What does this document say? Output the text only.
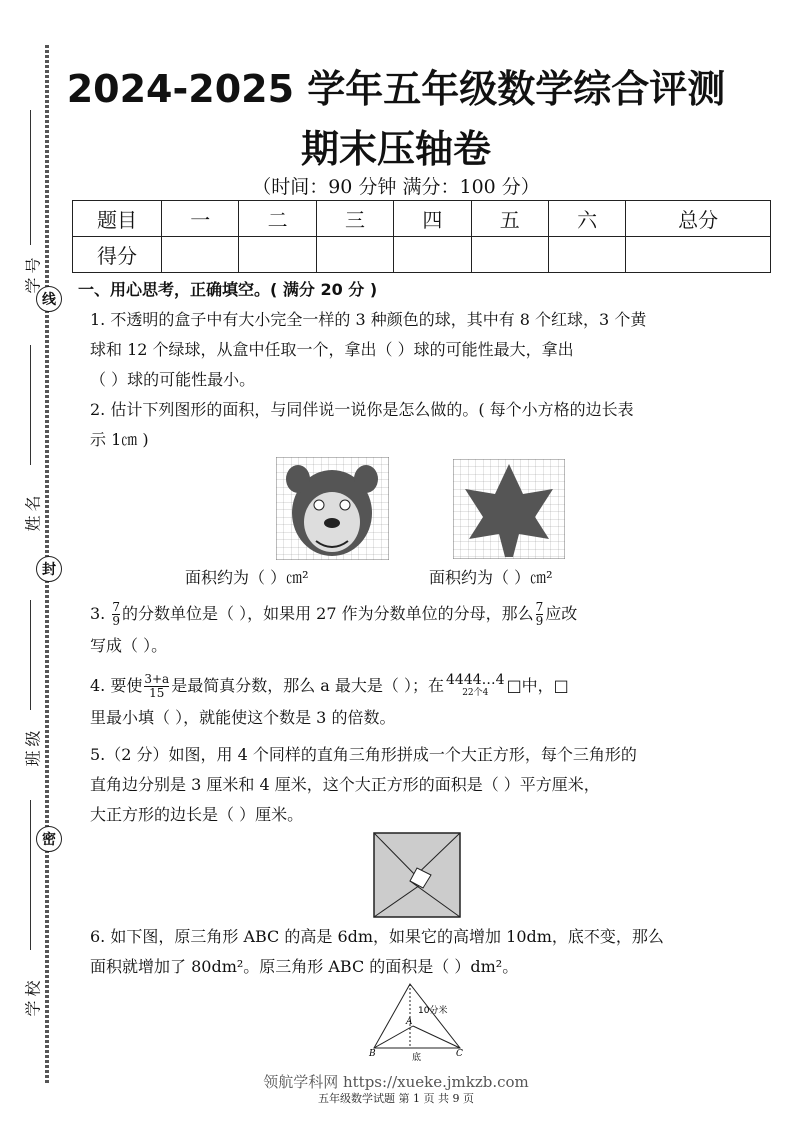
线
封
密
学号
姓名
班级
学校
2024-2025 学年五年级数学综合评测
期末压轴卷
（时间：90 分钟 满分：100 分）
题目	一	二	三	四	五	六	总分
得分							
一、用心思考，正确填空。( 满分 20 分 )

1. 不透明的盒子中有大小完全一样的 3 种颜色的球，其中有 8 个红球，3 个黄

球和 12 个绿球，从盒中任取一个，拿出（ ）球的可能性最大，拿出

（ ）球的可能性最小。

2. 估计下列图形的面积，与同伴说一说你是怎么做的。( 每个小方格的边长表

示 1㎝ )

面积约为（ ）㎝²	面积约为（ ）㎝²
3. $\frac{7}{9}$ 的分数单位是（ ），如果用 27 作为分数单位的分母，那么 $\frac{7}{9}$ 应改
写成（ ）。
4. 要使 $\frac{3+a}{15}$ 是最简真分数，那么 a 最大是（ ）；在 4444…4
22个4	□中，□
里最小填（ ），就能使这个数是 3 的倍数。
5.（2 分）如图，用 4 个同样的直角三角形拼成一个大正方形，每个三角形的
直角边分别是 3 厘米和 4 厘米，这个大正方形的面积是（ ）平方厘米，
大正方形的边长是（ ）厘米。
6. 如下图，原三角形 ABC 的高是 6dm，如果它的高增加 10dm，底不变，那么
面积就增加了 80dm²。原三角形 ABC 的面积是（ ）dm²。
A
B	C
底
10分米
领航学科网 https://xueke.jmkzb.com
五年级数学试题 第 1 页 共 9 页
